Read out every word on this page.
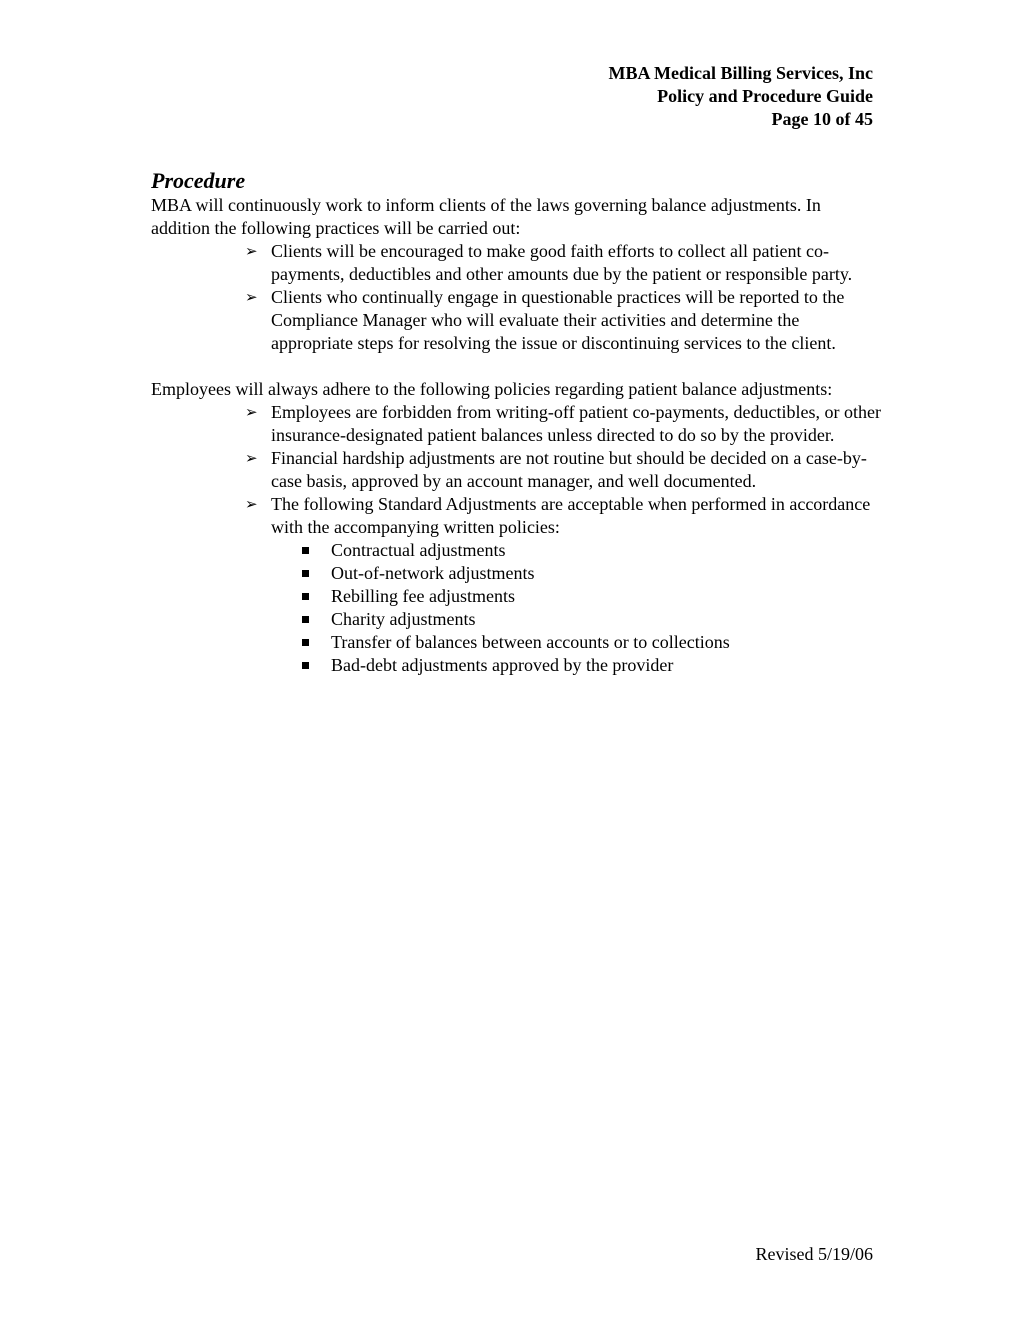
MBA Medical Billing Services, Inc
Policy and Procedure Guide
Page 10 of 45
Procedure

MBA will continuously work to inform clients of the laws governing balance adjustments. In addition the following practices will be carried out:

➢ Clients will be encouraged to make good faith efforts to collect all patient co-payments, deductibles and other amounts due by the patient or responsible party.
➢ Clients who continually engage in questionable practices will be reported to the Compliance Manager who will evaluate their activities and determine the appropriate steps for resolving the issue or discontinuing services to the client.

Employees will always adhere to the following policies regarding patient balance adjustments:

➢ Employees are forbidden from writing-off patient co-payments, deductibles, or other insurance-designated patient balances unless directed to do so by the provider.
➢ Financial hardship adjustments are not routine but should be decided on a case-by-case basis, approved by an account manager, and well documented.
➢ The following Standard Adjustments are acceptable when performed in accordance with the accompanying written policies:
Contractual adjustments
Out-of-network adjustments
Rebilling fee adjustments
Charity adjustments
Transfer of balances between accounts or to collections
Bad-debt adjustments approved by the provider
Revised 5/19/06
